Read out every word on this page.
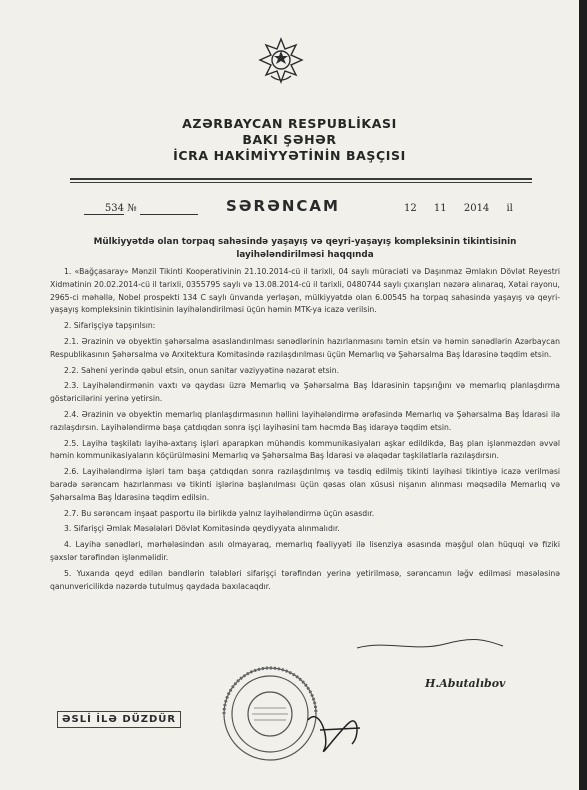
AZƏRBAYCAN RESPUBLİKASI
BAKI ŞƏHƏR
İCRA HAKİMİYYƏTİNİN BAŞÇISI
534 №	SƏRƏNCAM	12 11 2014 il
Mülkiyyətdə olan torpaq sahəsində yaşayış və qeyri-yaşayış kompleksinin tikintisinin layihələndirilməsi haqqında

1. «Bağçasaray» Mənzil Tikinti Kooperativinin 21.10.2014-cü il tarixli, 04 saylı müraciəti və Daşınmaz Əmlakın Dövlət Reyestri Xidmətinin 20.02.2014-cü il tarixli, 0355795 saylı və 13.08.2014-cü il tarixli, 0480744 saylı çıxarışları nəzərə alınaraq, Xətai rayonu, 2965-ci məhəllə, Nobel prospekti 134 C saylı ünvanda yerləşən, mülkiyyətdə olan 6.00545 ha torpaq sahəsində yaşayış və qeyri-yaşayış kompleksinin tikintisinin layihələndirilməsi üçün həmin MTK-ya icazə verilsin.

2. Sifarişçiyə tapşırılsın:

2.1. Ərazinin və obyektin şəhərsalma əsaslandırılması sənədlərinin hazırlanmasını təmin etsin və həmin sənədlərin Azərbaycan Respublikasının Şəhərsalma və Arxitektura Komitəsində razılaşdırılması üçün Memarlıq və Şəhərsalma Baş İdarəsinə təqdim etsin.

2.2. Saheni yerində qəbul etsin, onun sanitar vəziyyətinə nəzarət etsin.

2.3. Layihələndirmənin vaxtı və qaydası üzrə Memarlıq və Şəhərsalma Baş İdarəsinin tapşırığını və memarlıq planlaşdırma göstəricilərini yerinə yetirsin.

2.4. Ərazinin və obyektin memarlıq planlaşdırmasının həllini layihələndirmə ərəfəsində Memarlıq və Şəhərsalma Baş İdarəsi ilə razılaşdırsın. Layihələndirmə başa çatdıqdan sonra işçi layihəsini tam həcmdə Baş idarəyə təqdim etsin.

2.5. Layihə təşkilatı layihə-axtarış işləri aparарkən mühəndis kommunikasiyaları aşkar edildikdə, Baş plan işlənməzdən əvvəl həmin kommunikasiyaların köçürülməsini Memarlıq və Şəhərsalma Baş İdarəsi və əlaqədar təşkilatlarla razılaşdırsın.

2.6. Layihələndirmə işləri tam başa çatdıqdan sonra razılaşdırılmış və təsdiq edilmiş tikinti layihəsi tikintiyə icazə verilməsi barədə sərəncam hazırlanması və tikinti işlərinə başlanılması üçün qəsas olan xüsusi nişanın alınması məqsədilə Memarlıq və Şəhərsalma Baş İdarəsinə təqdim edilsin.

2.7. Bu sərəncam inşaat pasportu ilə birlikdə yalnız layihələndirmə üçün əsasdır.

3. Sifarişçi Əmlak Məsələləri Dövlət Komitəsində qeydiyyata alınmalıdır.

4. Layihə sənədləri, mərhələsindən asılı olmayaraq, memarlıq fəaliyyəti ilə lisenziya əsasında məşğul olan hüquqi və fiziki şəxslər tərəfindən işlənməlidir.

5. Yuxarıda qeyd edilən bəndlərin tələbləri sifarişçi tərəfindən yerinə yetirilməsə, sərəncamın ləğv edilməsi məsələsinə qanunvericilikdə nəzərdə tutulmuş qaydada baxılacaqdır.

H.Abutalıbov
ƏSLİ İLƏ DÜZDÜR
